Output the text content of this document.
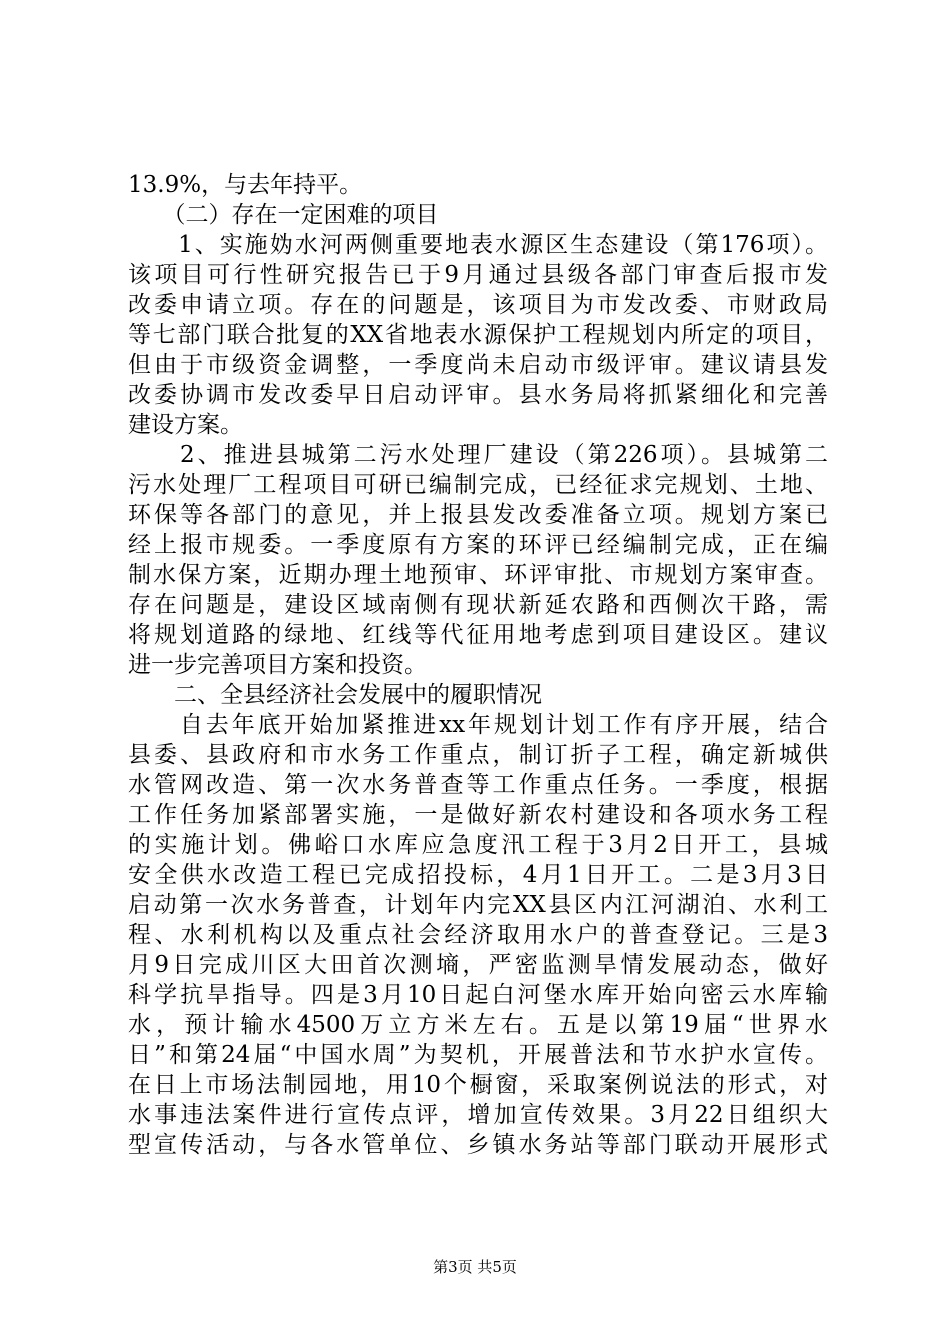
13.9%，与去年持平。
　　（二）存在一定困难的项目
　　1、实施妫水河两侧重要地表水源区生态建设（第176项）。
该项目可行性研究报告已于9月通过县级各部门审查后报市发
改委申请立项。存在的问题是，该项目为市发改委、市财政局
等七部门联合批复的XX省地表水源保护工程规划内所定的项目，
但由于市级资金调整，一季度尚未启动市级评审。建议请县发
改委协调市发改委早日启动评审。县水务局将抓紧细化和完善
建设方案。
　　2、推进县城第二污水处理厂建设（第226项）。县城第二
污水处理厂工程项目可研已编制完成，已经征求完规划、土地、
环保等各部门的意见，并上报县发改委准备立项。规划方案已
经上报市规委。一季度原有方案的环评已经编制完成，正在编
制水保方案，近期办理土地预审、环评审批、市规划方案审查。
存在问题是，建设区域南侧有现状新延农路和西侧次干路，需
将规划道路的绿地、红线等代征用地考虑到项目建设区。建议
进一步完善项目方案和投资。
　　二、全县经济社会发展中的履职情况
　　自去年底开始加紧推进xx年规划计划工作有序开展，结合
县委、县政府和市水务工作重点，制订折子工程，确定新城供
水管网改造、第一次水务普查等工作重点任务。一季度，根据
工作任务加紧部署实施，一是做好新农村建设和各项水务工程
的实施计划。佛峪口水库应急度汛工程于3月2日开工，县城
安全供水改造工程已完成招投标，4月1日开工。二是3月3日
启动第一次水务普查，计划年内完XX县区内江河湖泊、水利工
程、水利机构以及重点社会经济取用水户的普查登记。三是3
月9日完成川区大田首次测墒，严密监测旱情发展动态，做好
科学抗旱指导。四是3月10日起白河堡水库开始向密云水库输
水，预计输水4500万立方米左右。五是以第19届“世界水
日”和第24届“中国水周”为契机，开展普法和节水护水宣传。
在日上市场法制园地，用10个橱窗，采取案例说法的形式，对
水事违法案件进行宣传点评，增加宣传效果。3月22日组织大
型宣传活动，与各水管单位、乡镇水务站等部门联动开展形式
第3页 共5页
